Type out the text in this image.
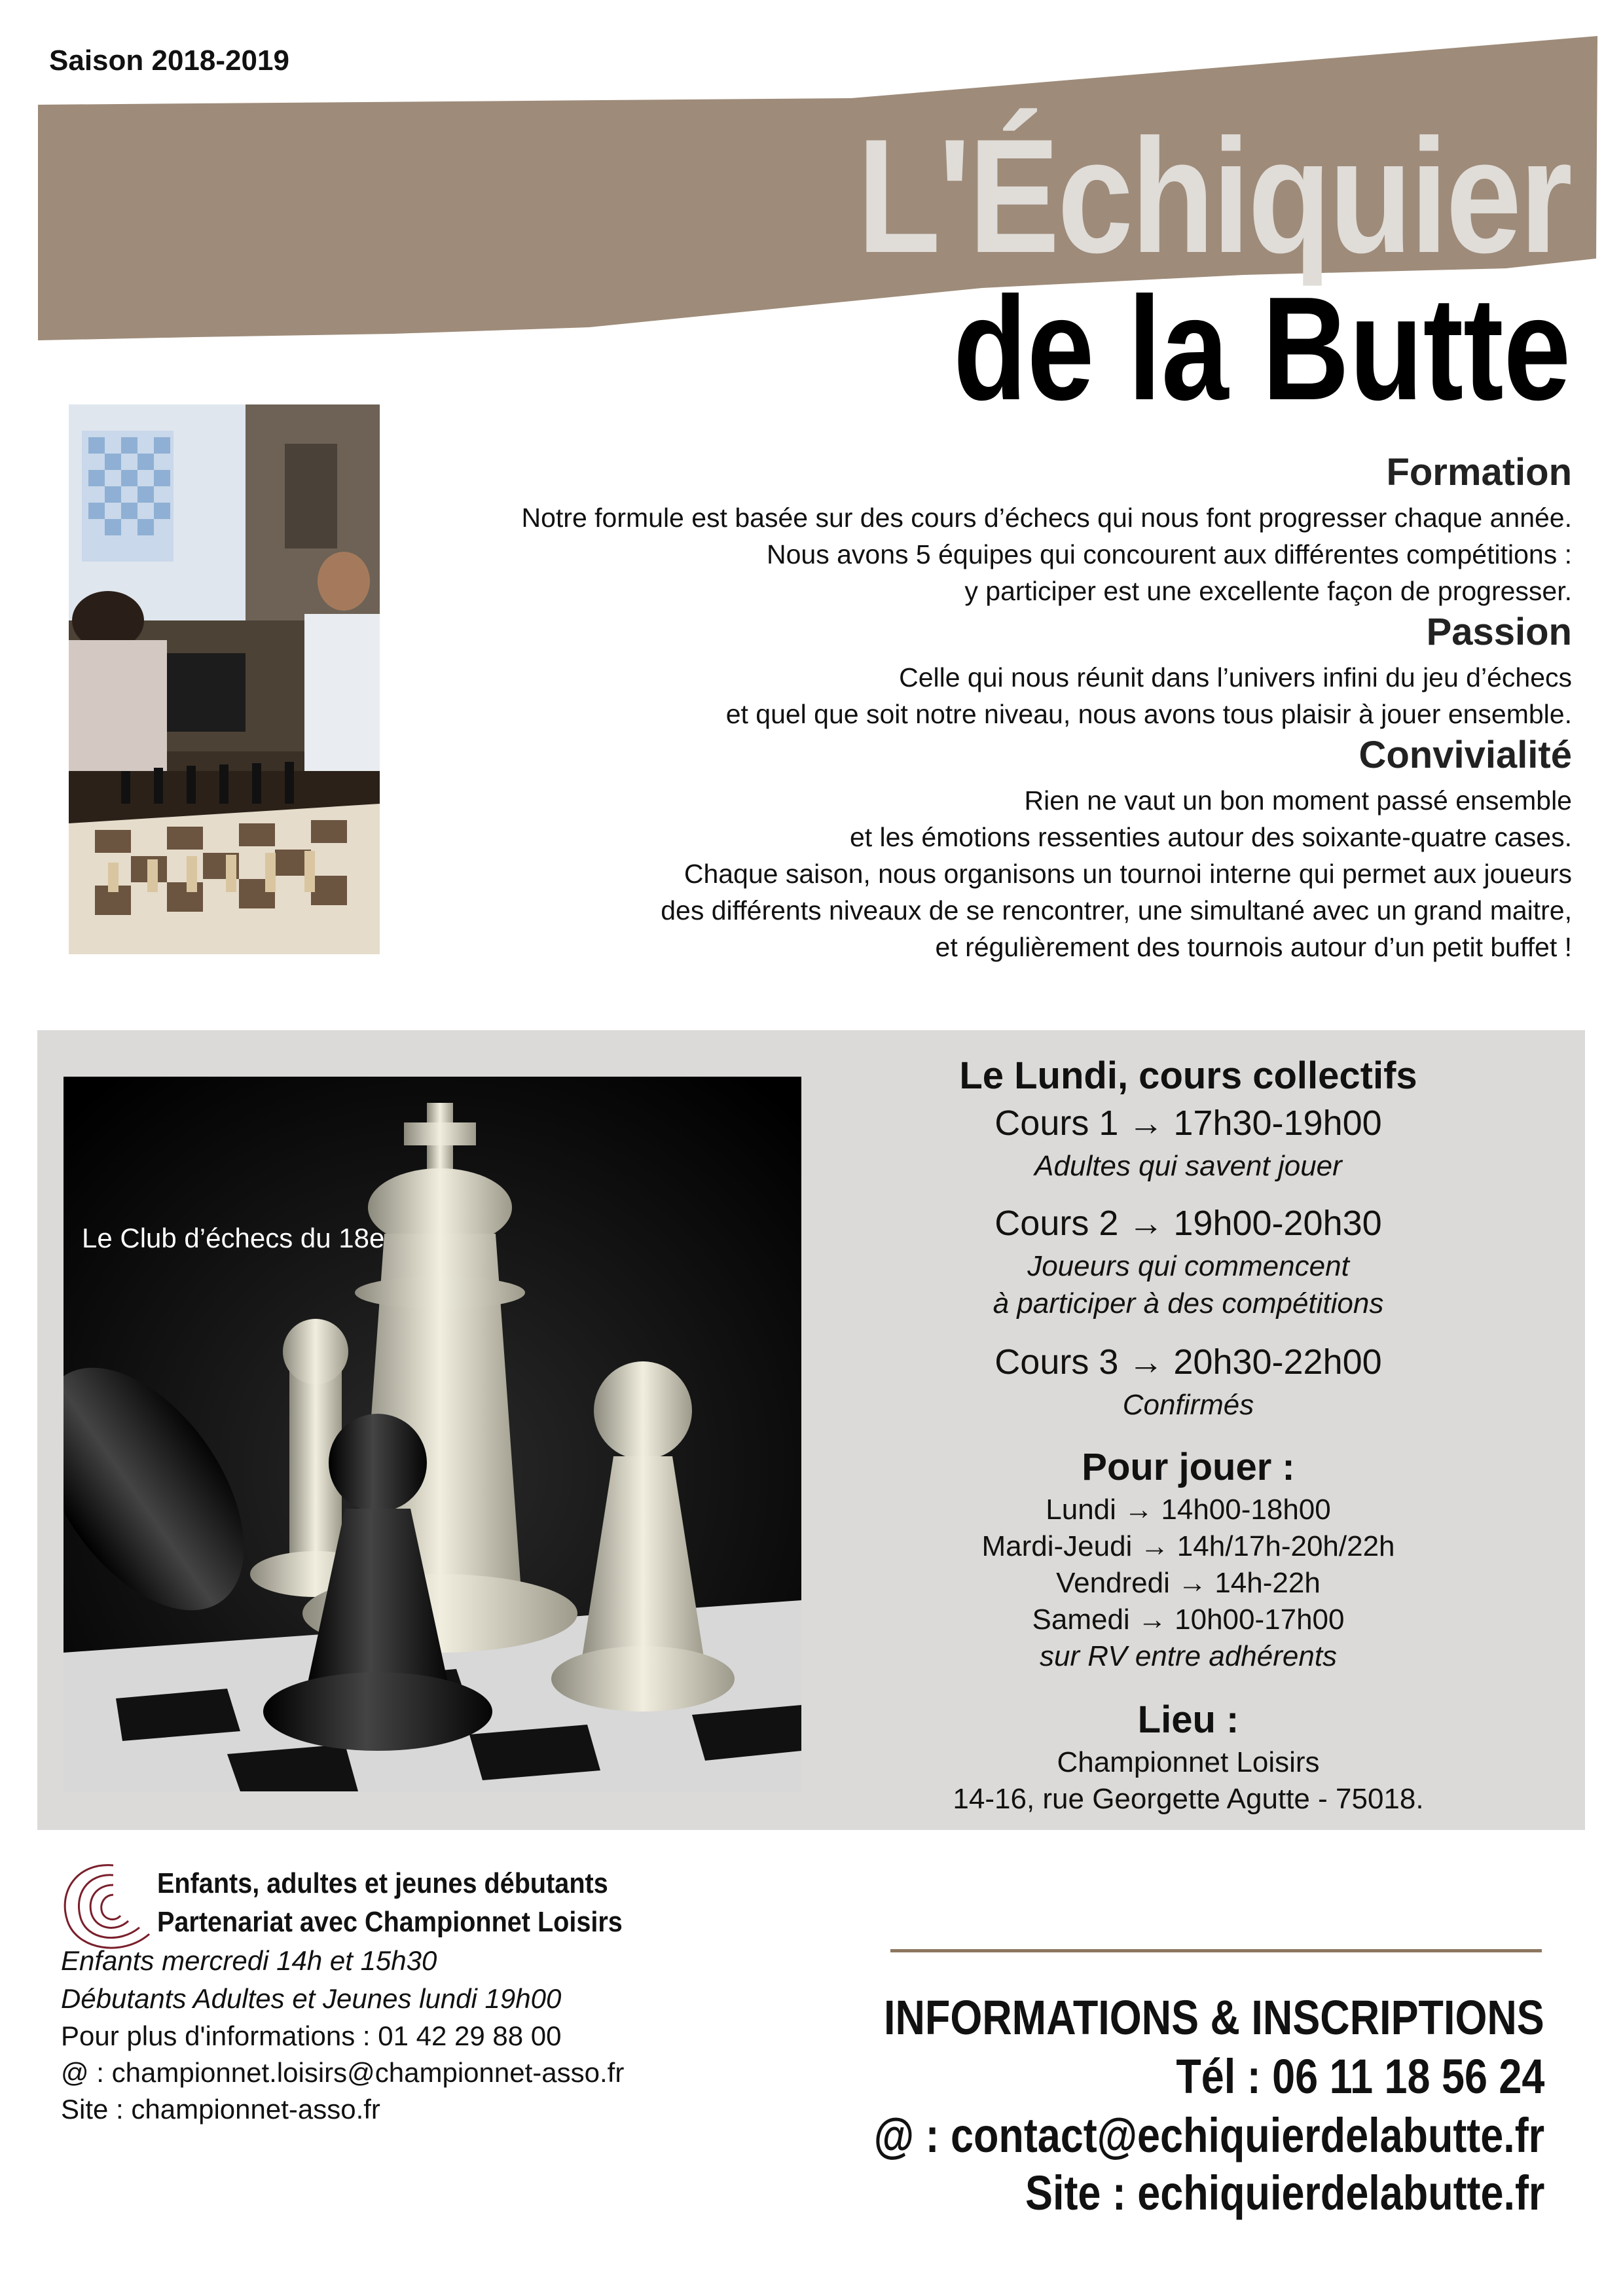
Saison 2018-2019
L'Échiquier
de la Butte
Formation
Notre formule est basée sur des cours d’échecs qui nous font progresser chaque année.
Nous avons 5 équipes qui concourent aux différentes compétitions :
y participer est une excellente façon de progresser.
Passion
Celle qui nous réunit dans l’univers infini du jeu d’échecs
et quel que soit notre niveau, nous avons tous plaisir à jouer ensemble.
Convivialité
Rien ne vaut un bon moment passé ensemble
et les émotions ressenties autour des soixante-quatre cases.
Chaque saison, nous organisons un tournoi interne qui permet aux joueurs
des différents niveaux de se rencontrer, une simultané avec un grand maitre,
et régulièrement des tournois autour d’un petit buffet !
Le Club d’échecs du 18e
Le Lundi, cours collectifs
Cours 1 → 17h30-19h00
Adultes qui savent jouer
Cours 2 → 19h00-20h30
Joueurs qui commencent
à participer à des compétitions
Cours 3 → 20h30-22h00
Confirmés
Pour jouer :
Lundi → 14h00-18h00
Mardi-Jeudi → 14h/17h-20h/22h
Vendredi → 14h-22h
Samedi → 10h00-17h00
sur RV entre adhérents
Lieu :
Championnet Loisirs
14-16, rue Georgette Agutte - 75018.
Enfants, adultes et jeunes débutants
Partenariat avec Championnet Loisirs
Enfants mercredi 14h et 15h30
Débutants Adultes et Jeunes lundi 19h00
Pour plus d'informations : 01 42 29 88 00
@ : championnet.loisirs@championnet-asso.fr
Site : championnet-asso.fr
INFORMATIONS & INSCRIPTIONS
Tél : 06 11 18 56 24
@ : contact@echiquierdelabutte.fr
Site : echiquierdelabutte.fr
